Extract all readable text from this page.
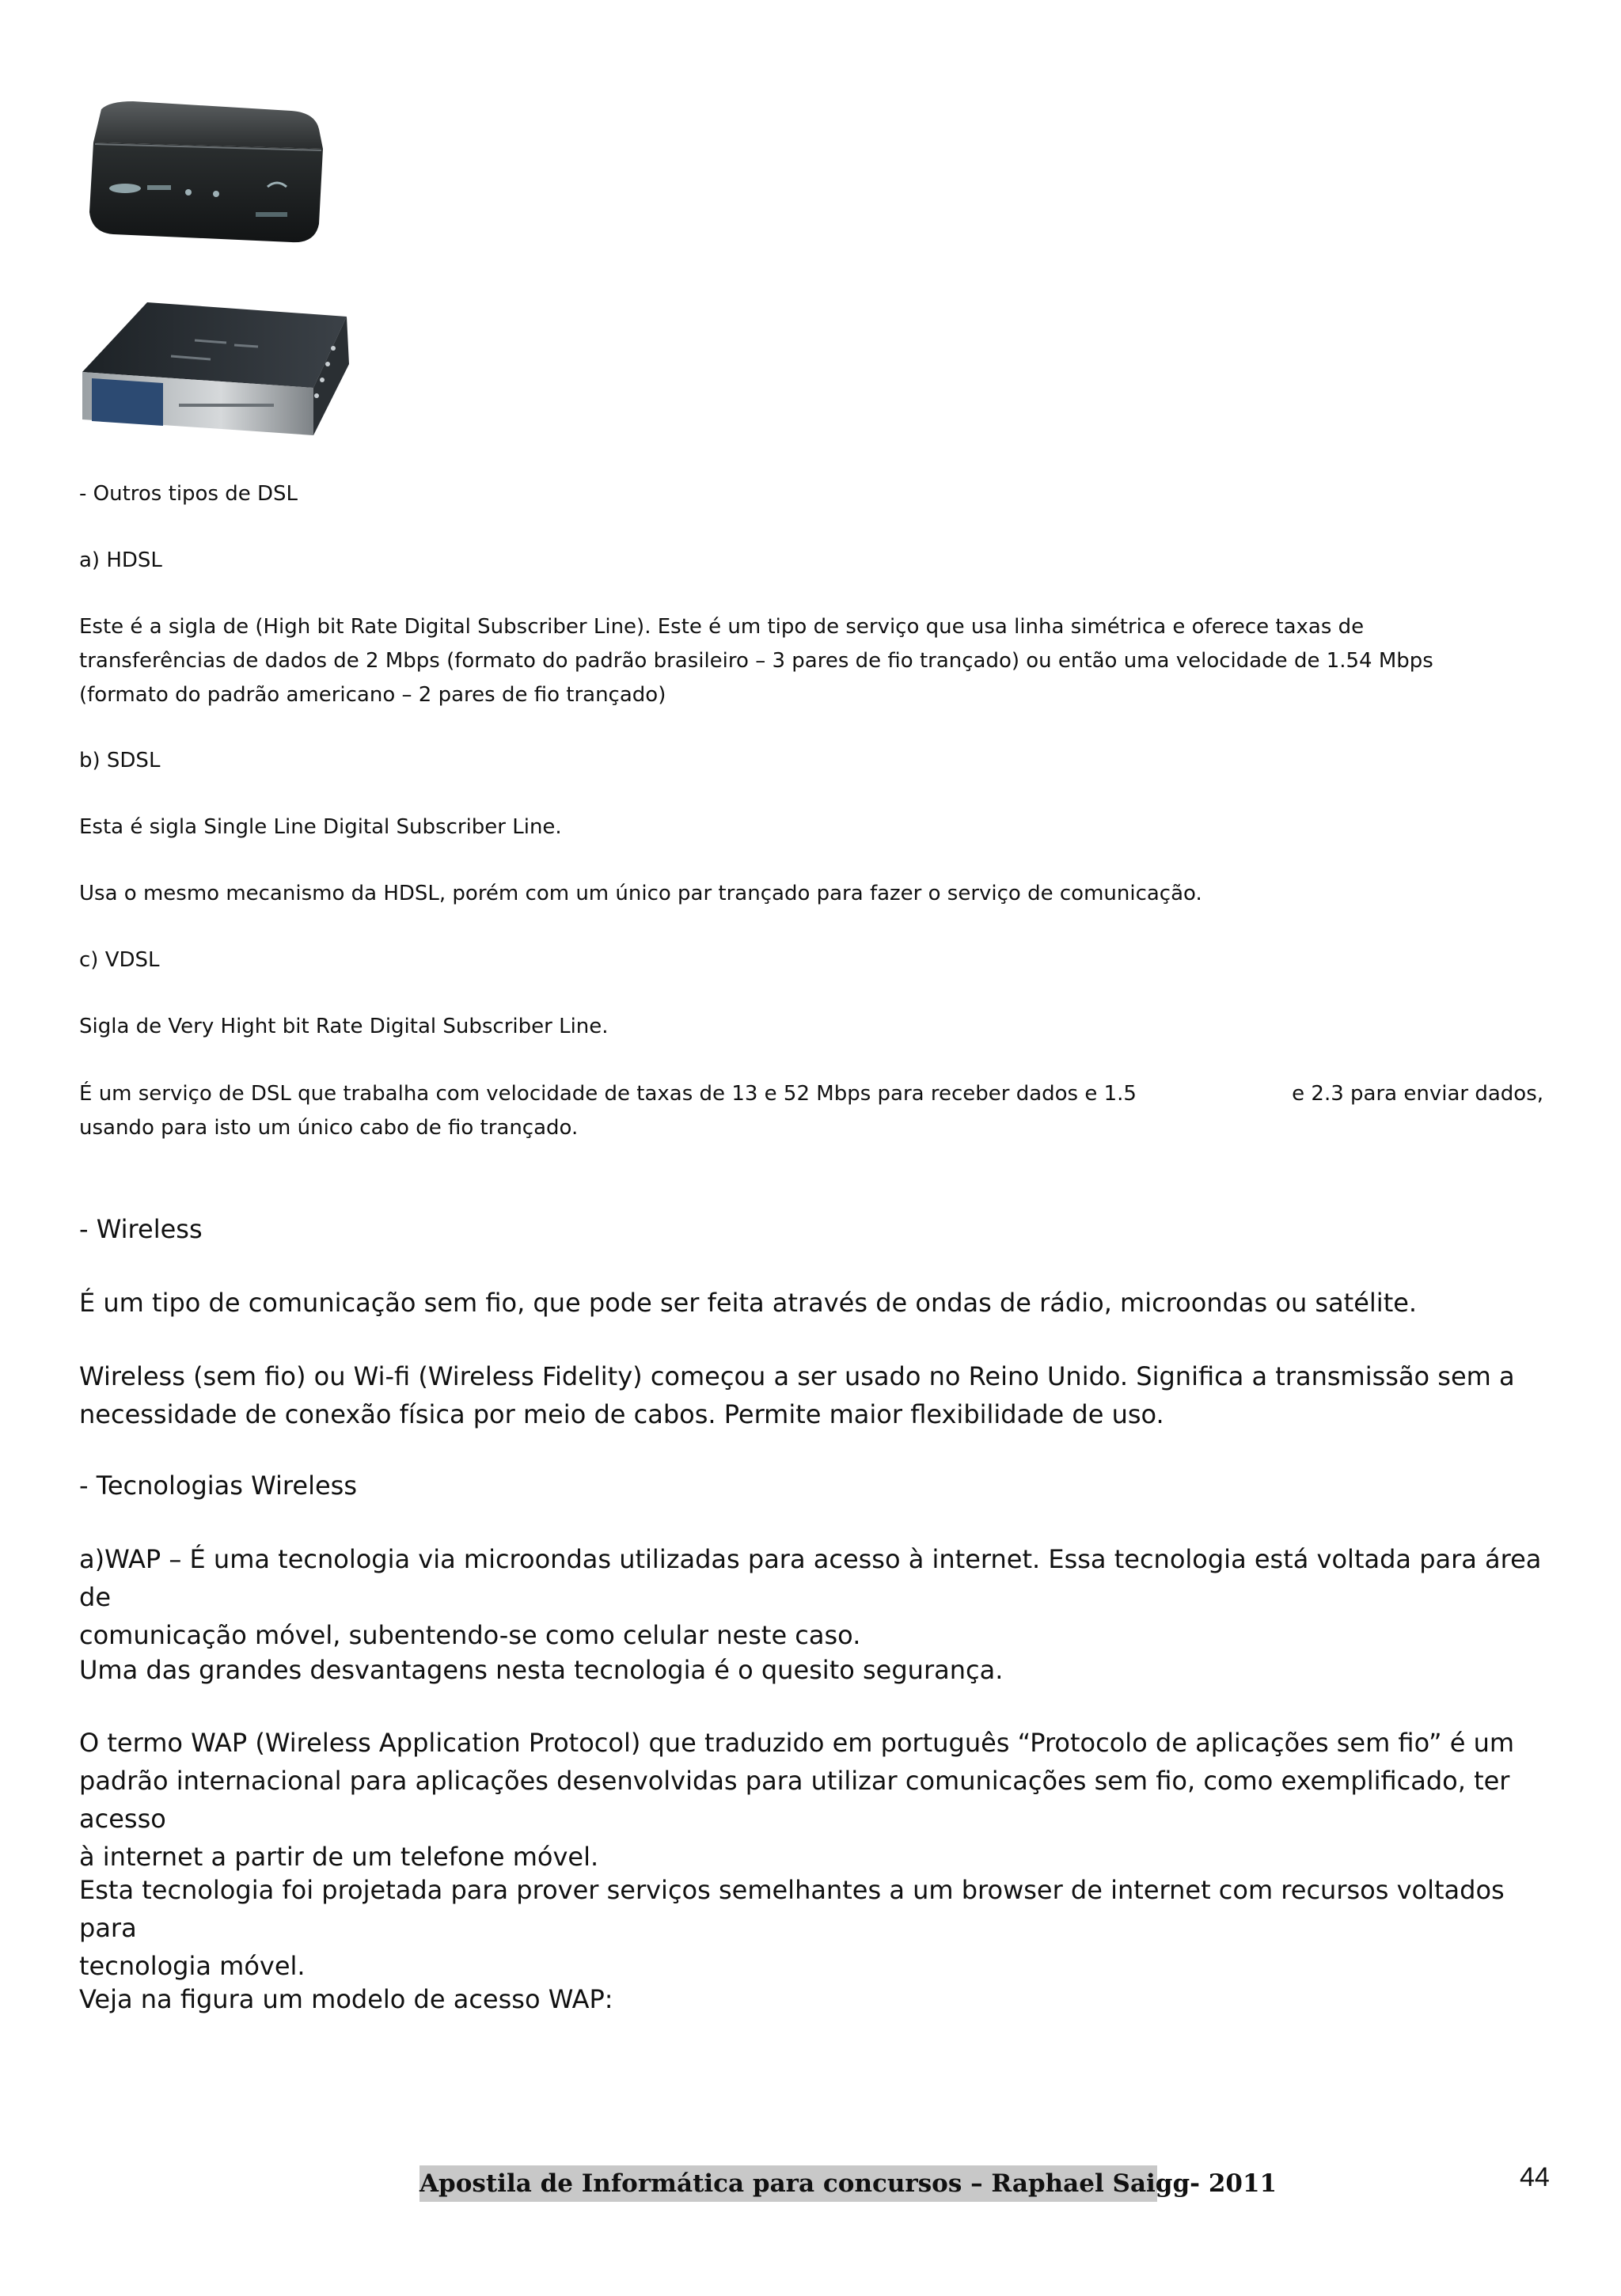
- Outros tipos de DSL

a) HDSL

Este é a sigla de (High bit Rate Digital Subscriber Line). Este é um tipo de serviço que usa linha simétrica e oferece taxas de
transferências de dados de 2 Mbps (formato do padrão brasileiro – 3 pares de fio trançado) ou então uma velocidade de 1.54 Mbps
(formato do padrão americano – 2 pares de fio trançado)

b) SDSL

Esta é sigla Single Line Digital Subscriber Line.

Usa o mesmo mecanismo da HDSL, porém com um único par trançado para fazer o serviço de comunicação.

c) VDSL

Sigla de Very Hight bit Rate Digital Subscriber Line.

É um serviço de DSL que trabalha com velocidade de taxas de 13 e 52 Mbps para receber dados e 1.5	e 2.3 para enviar dados,

usando para isto um único cabo de fio trançado.

- Wireless

É um tipo de comunicação sem fio, que pode ser feita através de ondas de rádio, microondas ou satélite.

Wireless (sem fio) ou Wi-fi (Wireless Fidelity) começou a ser usado no Reino Unido. Significa a transmissão sem a
necessidade de conexão física por meio de cabos. Permite maior flexibilidade de uso.

- Tecnologias Wireless

a)WAP – É uma tecnologia via microondas utilizadas para acesso à internet. Essa tecnologia está voltada para área de
comunicação móvel, subentendo-se como celular neste caso.

Uma das grandes desvantagens nesta tecnologia é o quesito segurança.

O termo WAP (Wireless Application Protocol) que traduzido em português “Protocolo de aplicações sem fio” é um
padrão internacional para aplicações desenvolvidas para utilizar comunicações sem fio, como exemplificado, ter acesso
à internet a partir de um telefone móvel.

Esta tecnologia foi projetada para prover serviços semelhantes a um browser de internet com recursos voltados para
tecnologia móvel.

Veja na figura um modelo de acesso WAP:

Apostila de Informática para concursos – Raphael Saigg- 2011	44
